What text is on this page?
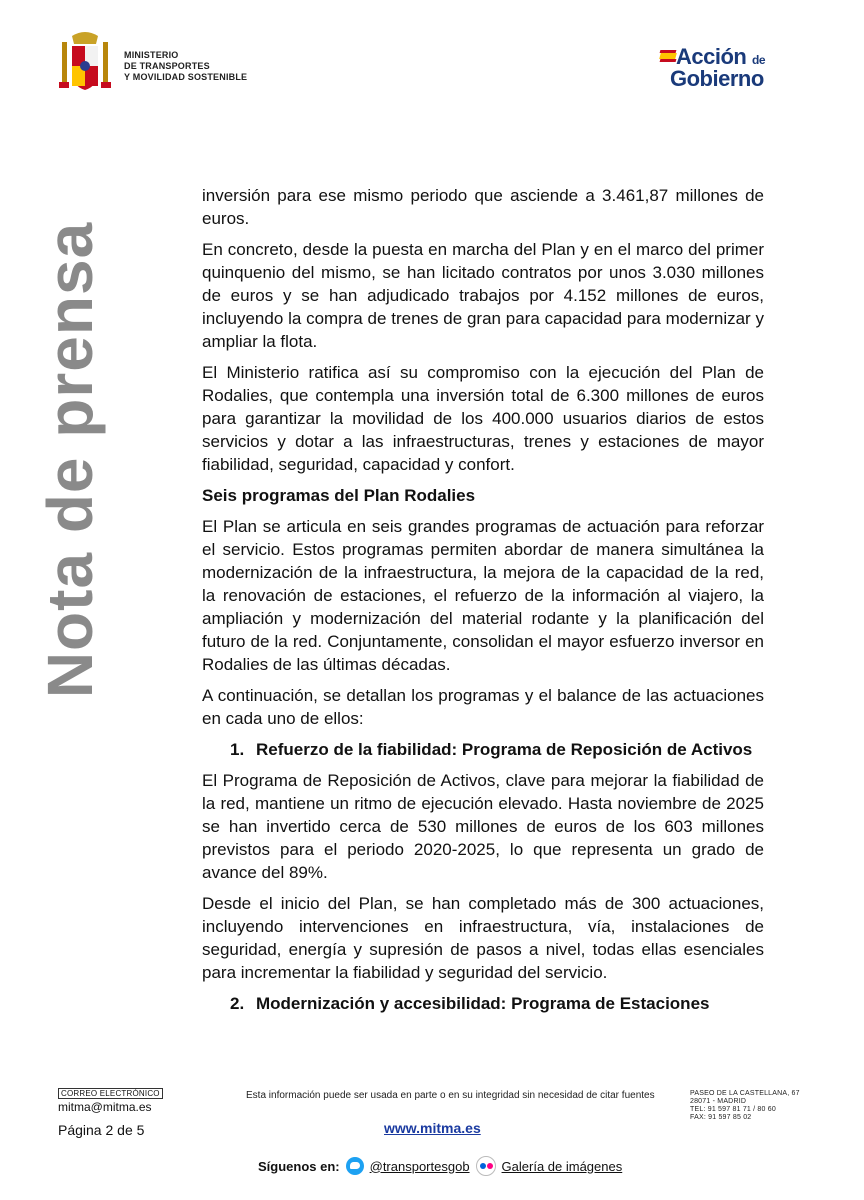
MINISTERIO
DE TRANSPORTES
Y MOVILIDAD SOSTENIBLE
Acción de
Gobierno
Nota de prensa

inversión para ese mismo periodo que asciende a 3.461,87 millones de euros.

En concreto, desde la puesta en marcha del Plan y en el marco del primer quinquenio del mismo, se han licitado contratos por unos 3.030 millones de euros y se han adjudicado trabajos por 4.152 millones de euros, incluyendo la compra de trenes de gran para capacidad para modernizar y ampliar la flota.

El Ministerio ratifica así su compromiso con la ejecución del Plan de Rodalies, que contempla una inversión total de 6.300 millones de euros para garantizar la movilidad de los 400.000 usuarios diarios de estos servicios y dotar a las infraestructuras, trenes y estaciones de mayor fiabilidad, seguridad, capacidad y confort.

Seis programas del Plan Rodalies

El Plan se articula en seis grandes programas de actuación para reforzar el servicio. Estos programas permiten abordar de manera simultánea la modernización de la infraestructura, la mejora de la capacidad de la red, la renovación de estaciones, el refuerzo de la información al viajero, la ampliación y modernización del material rodante y la planificación del futuro de la red. Conjuntamente, consolidan el mayor esfuerzo inversor en Rodalies de las últimas décadas.

A continuación, se detallan los programas y el balance de las actuaciones en cada uno de ellos:

1. Refuerzo de la fiabilidad: Programa de Reposición de Activos

El Programa de Reposición de Activos, clave para mejorar la fiabilidad de la red, mantiene un ritmo de ejecución elevado. Hasta noviembre de 2025 se han invertido cerca de 530 millones de euros de los 603 millones previstos para el periodo 2020-2025, lo que representa un grado de avance del 89%.

Desde el inicio del Plan, se han completado más de 300 actuaciones, incluyendo intervenciones en infraestructura, vía, instalaciones de seguridad, energía y supresión de pasos a nivel, todas ellas esenciales para incrementar la fiabilidad y seguridad del servicio.

2. Modernización y accesibilidad: Programa de Estaciones
CORREO ELECTRÓNICO
mitma@mitma.es
Página 2 de 5
Esta información puede ser usada en parte o en su integridad sin necesidad de citar fuentes
www.mitma.es
PASEO DE LA CASTELLANA, 67
28071 - MADRID
TEL: 91 597 81 71 / 80 60
FAX: 91 597 85 02
Síguenos en: @transportesgob Galería de imágenes
